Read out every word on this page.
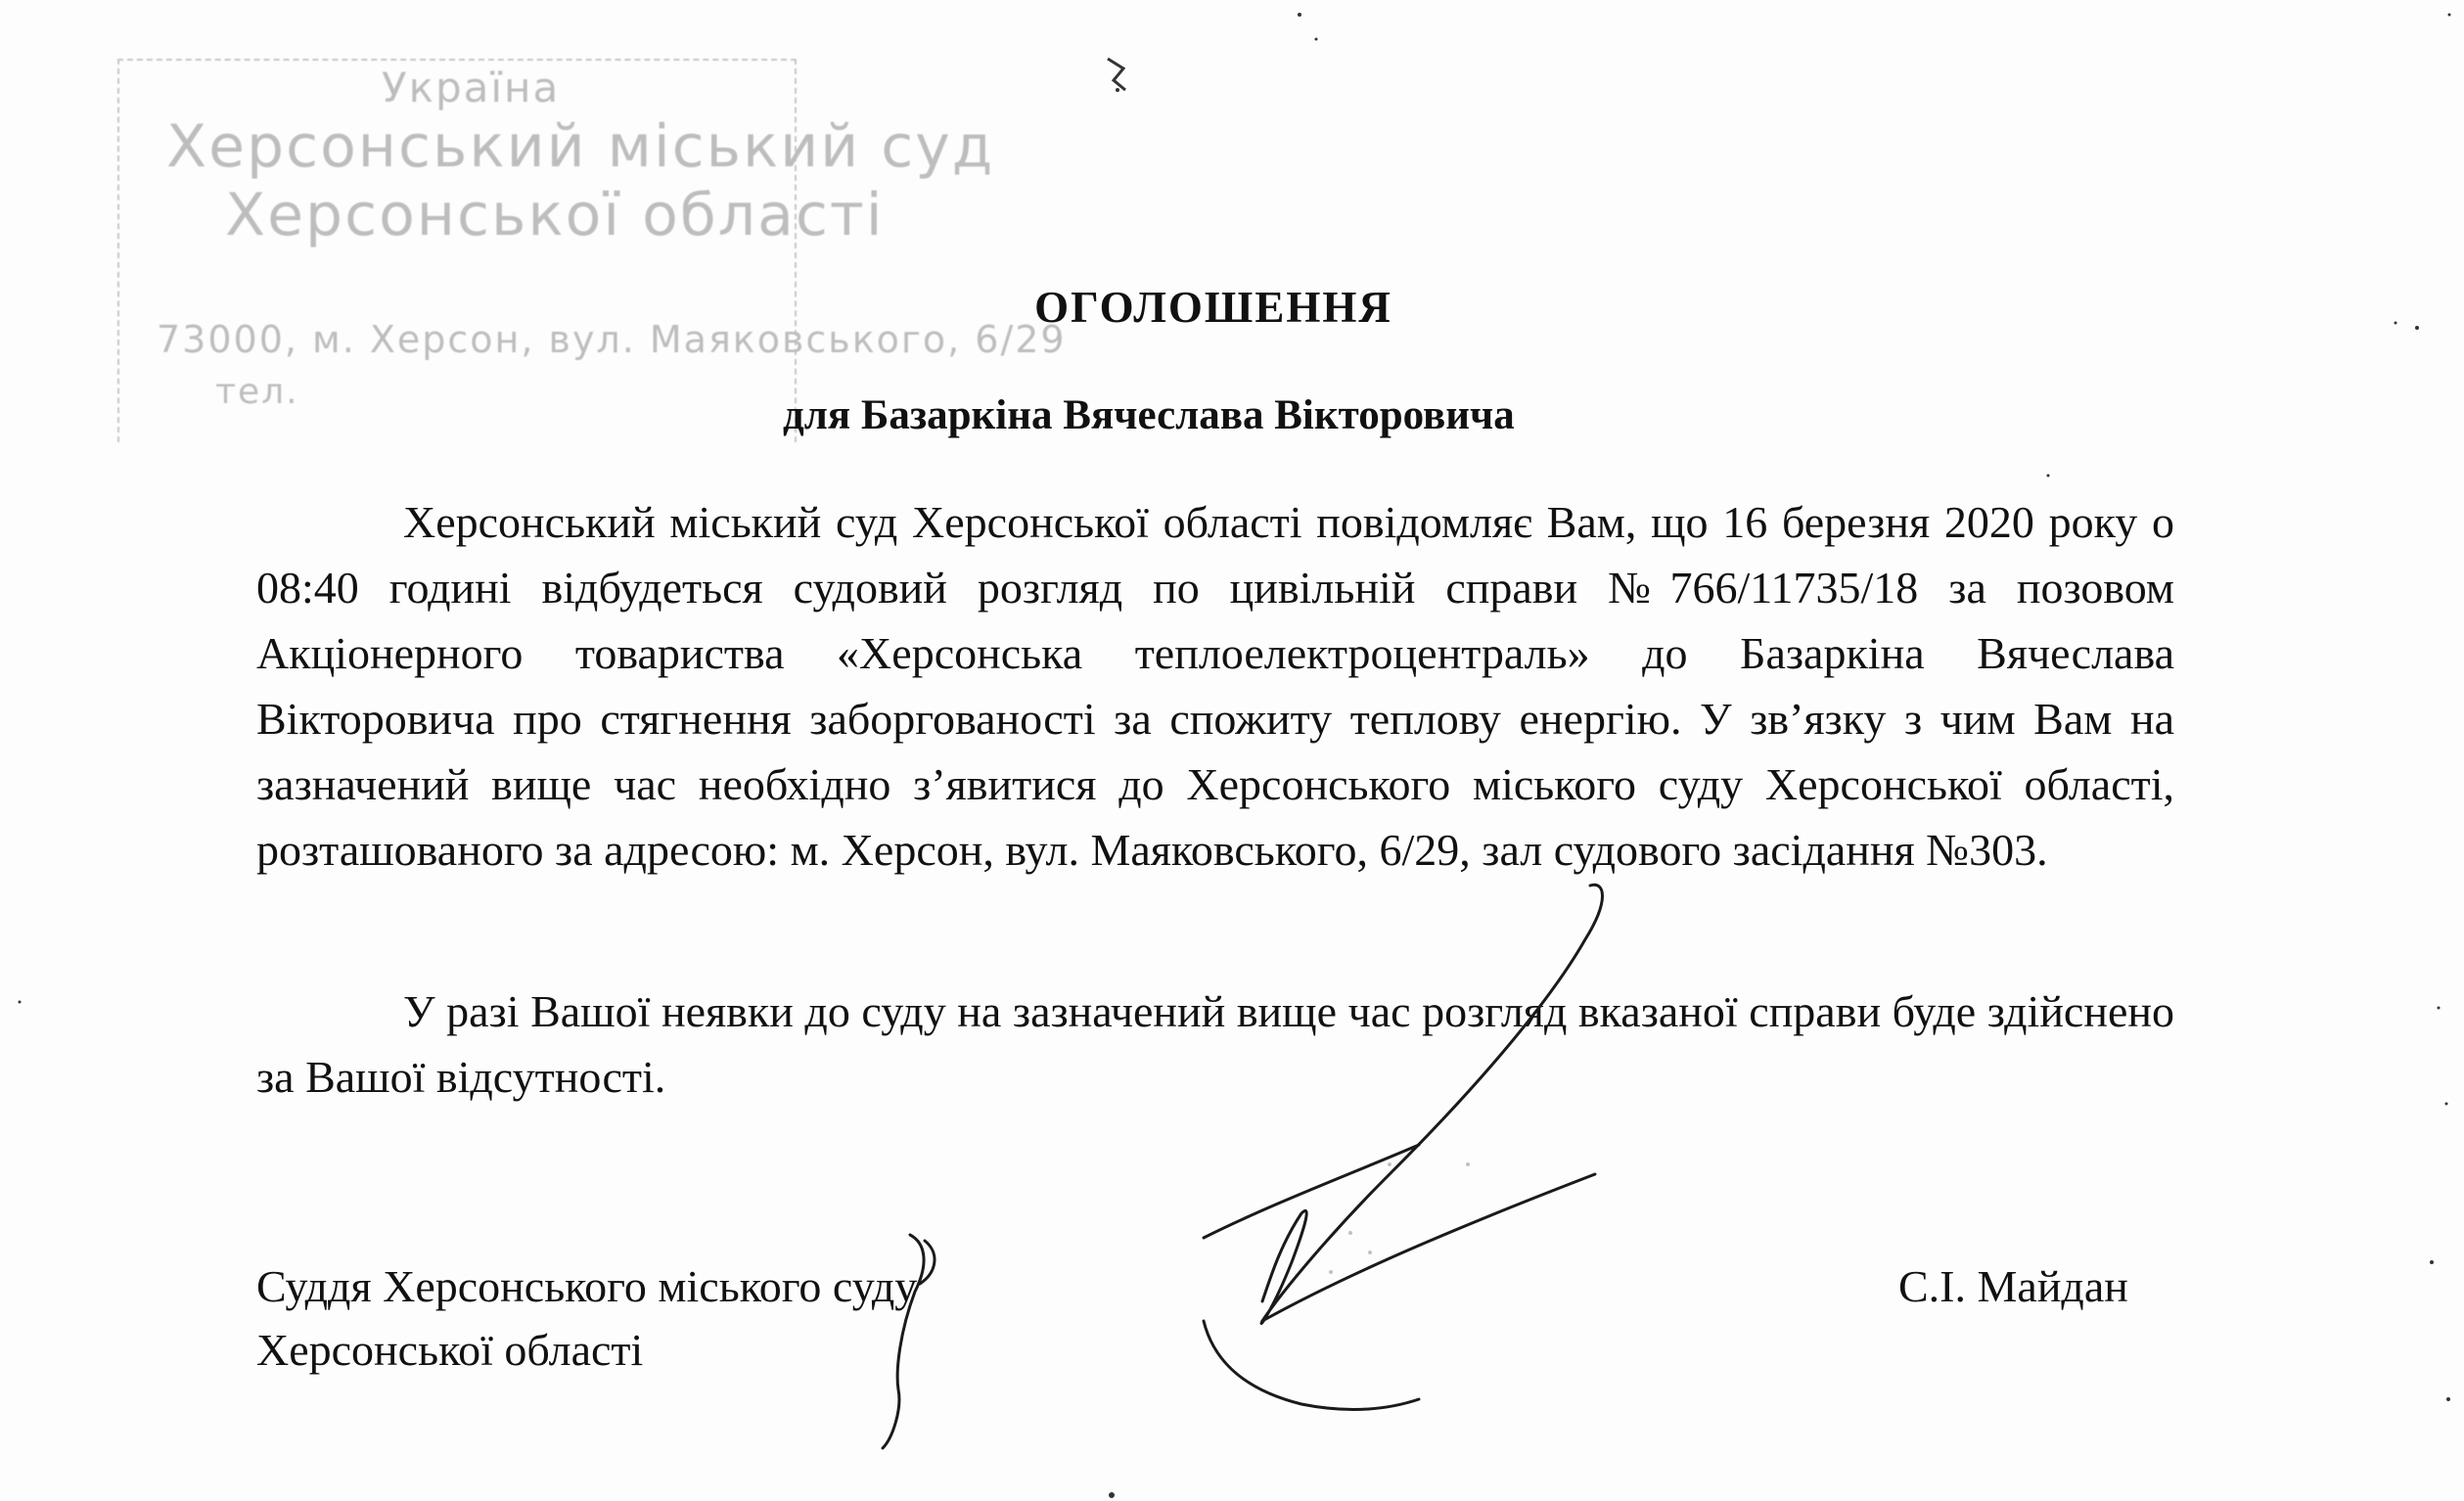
Україна
Херсонський міський суд
Херсонської області
73000, м. Херсон, вул. Маяковського, 6/29
тел.
ОГОЛОШЕННЯ
для Базаркіна Вячеслава Вікторовича
Херсонський міський суд Херсонської області повідомляє Вам, що 16 березня 2020 року о 08:40 годині відбудеться судовий розгляд по цивільній справи №766/11735/18 за позовом Акціонерного товариства «Херсонська теплоелектроцентраль» до Базаркіна Вячеслава Вікторовича про стягнення заборгованості за спожиту теплову енергію. У зв’язку з чим Вам на зазначений вище час необхідно з’явитися до Херсонського міського суду Херсонської області, розташованого за адресою: м. Херсон, вул. Маяковського, 6/29, зал судового засідання №303.
У разі Вашої неявки до суду на зазначений вище час розгляд вказаної справи буде здійснено за Вашої відсутності.
Суддя Херсонського міського суду
Херсонської області
С.І. Майдан
